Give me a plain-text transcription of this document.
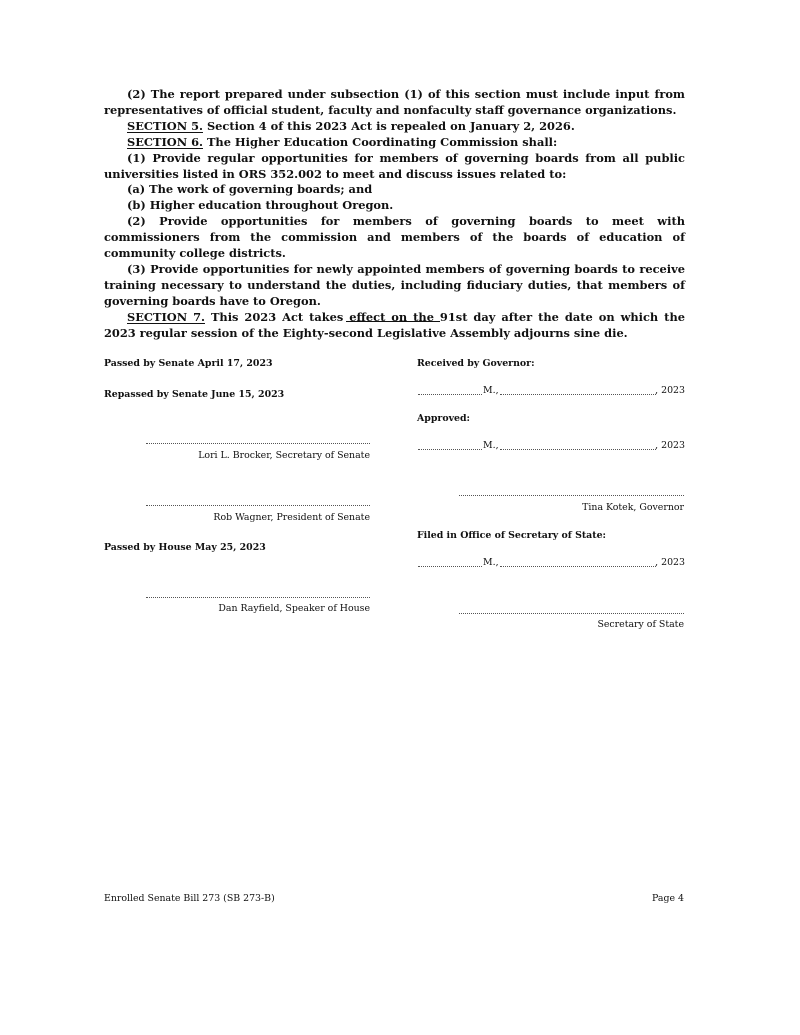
(2) The report prepared under subsection (1) of this section must include input from representatives of official student, faculty and nonfaculty staff governance organizations.

SECTION 5. Section 4 of this 2023 Act is repealed on January 2, 2026.

SECTION 6. The Higher Education Coordinating Commission shall:

(1) Provide regular opportunities for members of governing boards from all public universities listed in ORS 352.002 to meet and discuss issues related to:

(a) The work of governing boards; and

(b) Higher education throughout Oregon.

(2) Provide opportunities for members of governing boards to meet with commissioners from the commission and members of the boards of education of community college districts.

(3) Provide opportunities for newly appointed members of governing boards to receive training necessary to understand the duties, including fiduciary duties, that members of governing boards have to Oregon.

SECTION 7. This 2023 Act takes effect on the 91st day after the date on which the 2023 regular session of the Eighty-second Legislative Assembly adjourns sine die.

Passed by Senate April 17, 2023
Repassed by Senate June 15, 2023
Lori L. Brocker, Secretary of Senate
Rob Wagner, President of Senate
Passed by House May 25, 2023
Dan Rayfield, Speaker of House
Received by Governor:
M.,	, 2023
Approved:
M.,	, 2023
Tina Kotek, Governor
Filed in Office of Secretary of State:
M.,	, 2023
Secretary of State
Enrolled Senate Bill 273 (SB 273-B)	Page 4
